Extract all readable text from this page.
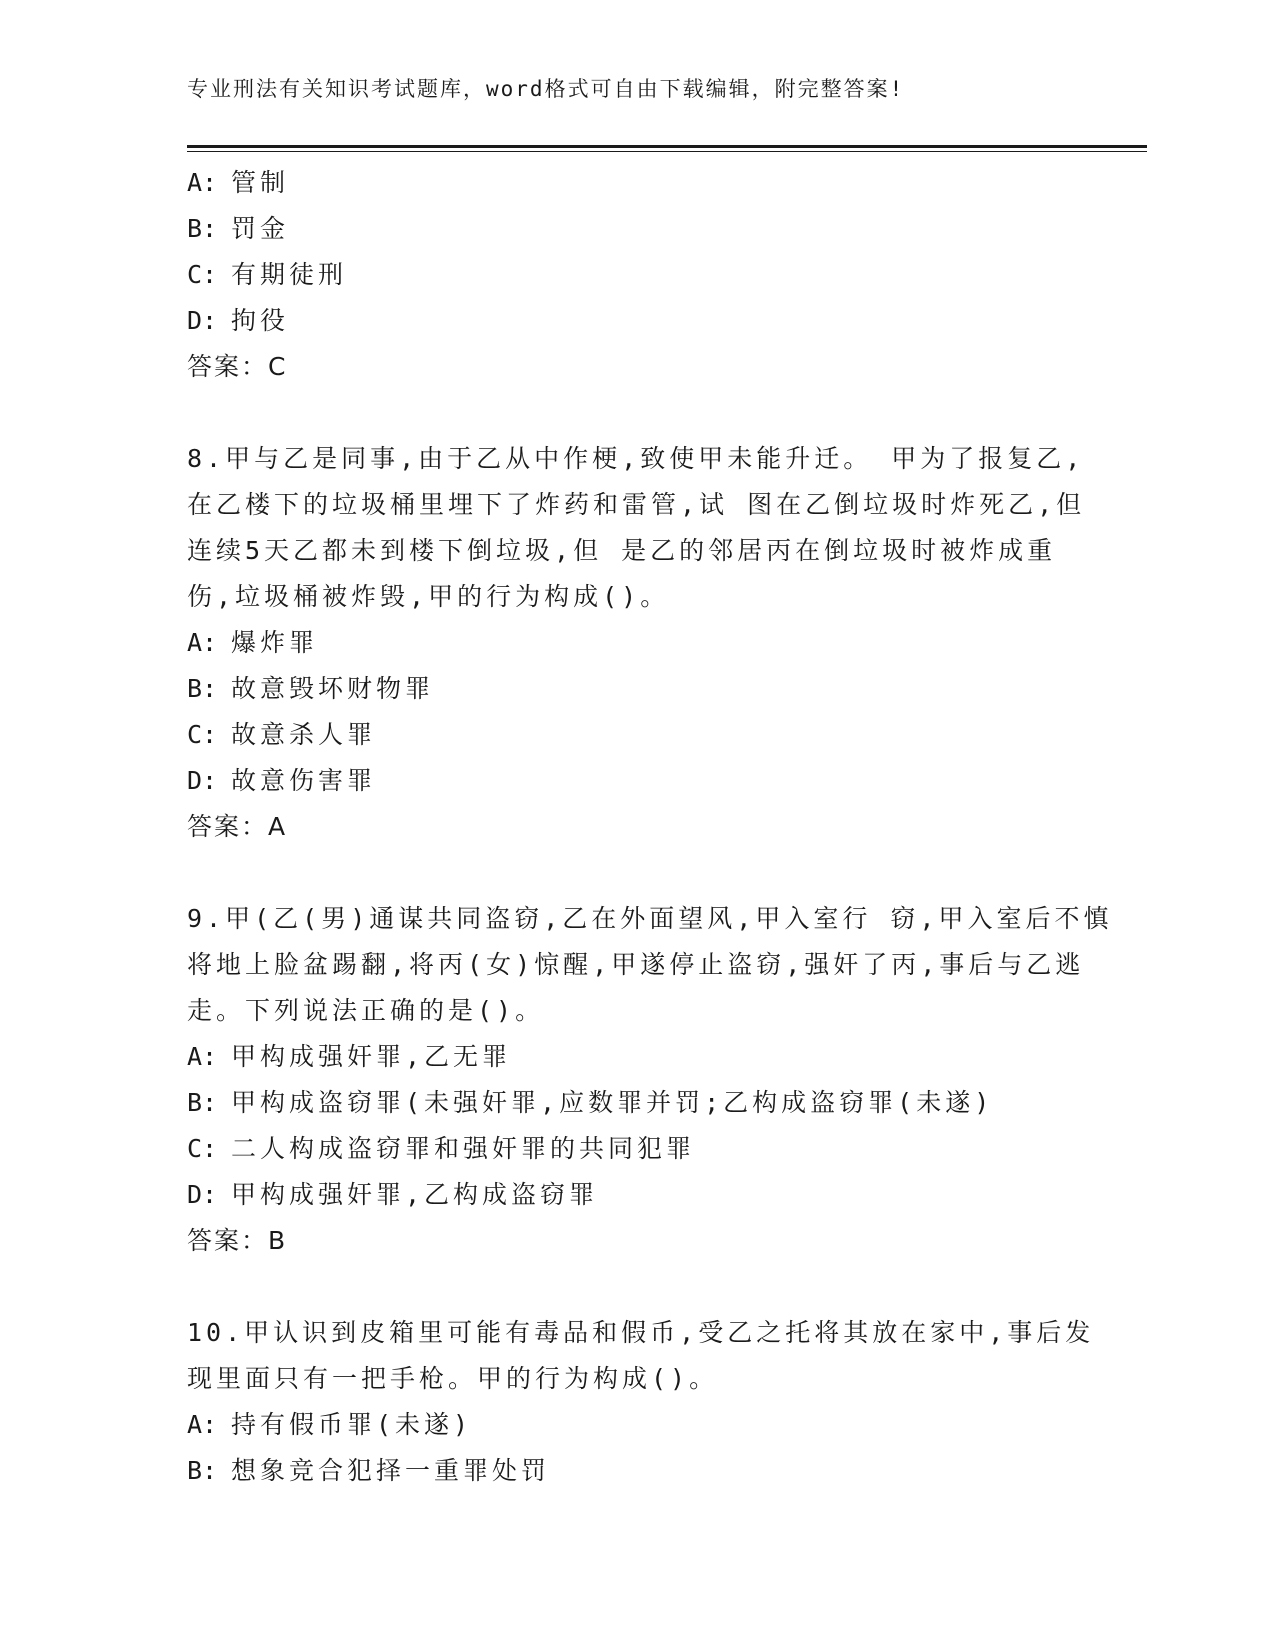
专业刑法有关知识考试题库，word格式可自由下载编辑，附完整答案!
A: 管制
B: 罚金
C: 有期徒刑
D: 拘役
答案：C
8.甲与乙是同事,由于乙从中作梗,致使甲未能升迁。 甲为了报复乙,
在乙楼下的垃圾桶里埋下了炸药和雷管,试 图在乙倒垃圾时炸死乙,但
连续5天乙都未到楼下倒垃圾,但 是乙的邻居丙在倒垃圾时被炸成重
伤,垃圾桶被炸毁,甲的行为构成()。
A: 爆炸罪
B: 故意毁坏财物罪
C: 故意杀人罪
D: 故意伤害罪
答案：A
9.甲(乙(男)通谋共同盗窃,乙在外面望风,甲入室行 窃,甲入室后不慎
将地上脸盆踢翻,将丙(女)惊醒,甲遂停止盗窃,强奸了丙,事后与乙逃
走。下列说法正确的是()。
A: 甲构成强奸罪,乙无罪
B: 甲构成盗窃罪(未强奸罪,应数罪并罚;乙构成盗窃罪(未遂)
C: 二人构成盗窃罪和强奸罪的共同犯罪
D: 甲构成强奸罪,乙构成盗窃罪
答案：B
10.甲认识到皮箱里可能有毒品和假币,受乙之托将其放在家中,事后发
现里面只有一把手枪。甲的行为构成()。
A: 持有假币罪(未遂)
B: 想象竞合犯择一重罪处罚
